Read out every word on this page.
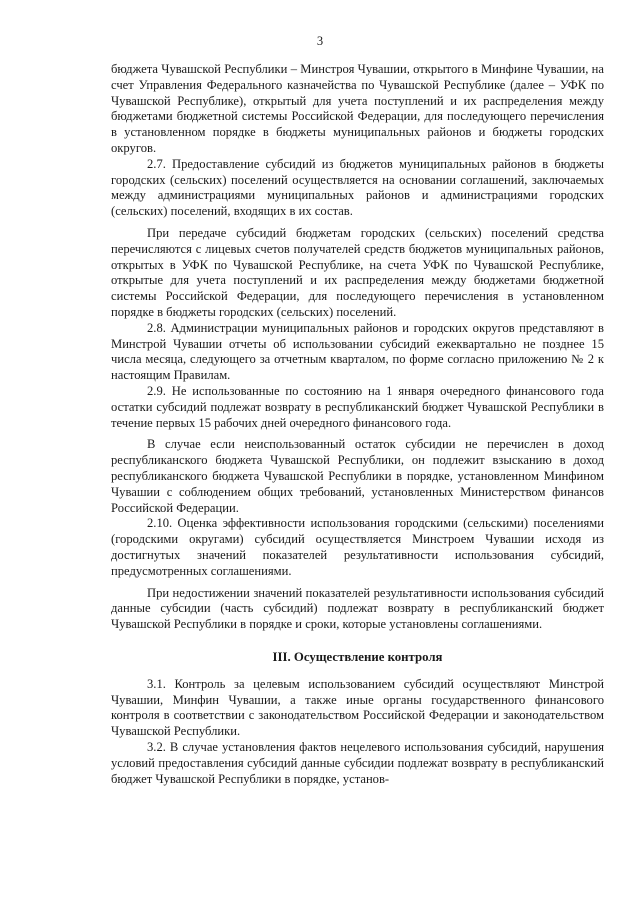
3

бюджета Чувашской Республики – Минстроя Чувашии, открытого в Минфине Чувашии, на счет Управления Федерального казначейства по Чувашской Республике (далее – УФК по Чувашской Республике), открытый для учета поступлений и их распределения между бюджетами бюджетной системы Российской Федерации, для последующего перечисления в установленном порядке в бюджеты муниципальных районов и бюджеты городских округов.

2.7. Предоставление субсидий из бюджетов муниципальных районов в бюджеты городских (сельских) поселений осуществляется на основании соглашений, заключаемых между администрациями муниципальных районов и администрациями городских (сельских) поселений, входящих в их состав.

При передаче субсидий бюджетам городских (сельских) поселений средства перечисляются с лицевых счетов получателей средств бюджетов муниципальных районов, открытых в УФК по Чувашской Республике, на счета УФК по Чувашской Республике, открытые для учета поступлений и их распределения между бюджетами бюджетной системы Российской Федерации, для последующего перечисления в установленном порядке в бюджеты городских (сельских) поселений.

2.8. Администрации муниципальных районов и городских округов представляют в Минстрой Чувашии отчеты об использовании субсидий ежеквартально не позднее 15 числа месяца, следующего за отчетным кварталом, по форме согласно приложению № 2 к настоящим Правилам.

2.9. Не использованные по состоянию на 1 января очередного финансового года остатки субсидий подлежат возврату в республиканский бюджет Чувашской Республики в течение первых 15 рабочих дней очередного финансового года.

В случае если неиспользованный остаток субсидии не перечислен в доход республиканского бюджета Чувашской Республики, он подлежит взысканию в доход республиканского бюджета Чувашской Республики в порядке, установленном Минфином Чувашии с соблюдением общих требований, установленных Министерством финансов Российской Федерации.

2.10. Оценка эффективности использования городскими (сельскими) поселениями (городскими округами) субсидий осуществляется Минстроем Чувашии исходя из достигнутых значений показателей результативности использования субсидий, предусмотренных соглашениями.

При недостижении значений показателей результативности использования субсидий данные субсидии (часть субсидий) подлежат возврату в республиканский бюджет Чувашской Республики в порядке и сроки, которые установлены соглашениями.

III. Осуществление контроля

3.1. Контроль за целевым использованием субсидий осуществляют Минстрой Чувашии, Минфин Чувашии, а также иные органы государственного финансового контроля в соответствии с законодательством Российской Федерации и законодательством Чувашской Республики.

3.2. В случае установления фактов нецелевого использования субсидий, нарушения условий предоставления субсидий данные субсидии подлежат возврату в республиканский бюджет Чувашской Республики в порядке, установ-
